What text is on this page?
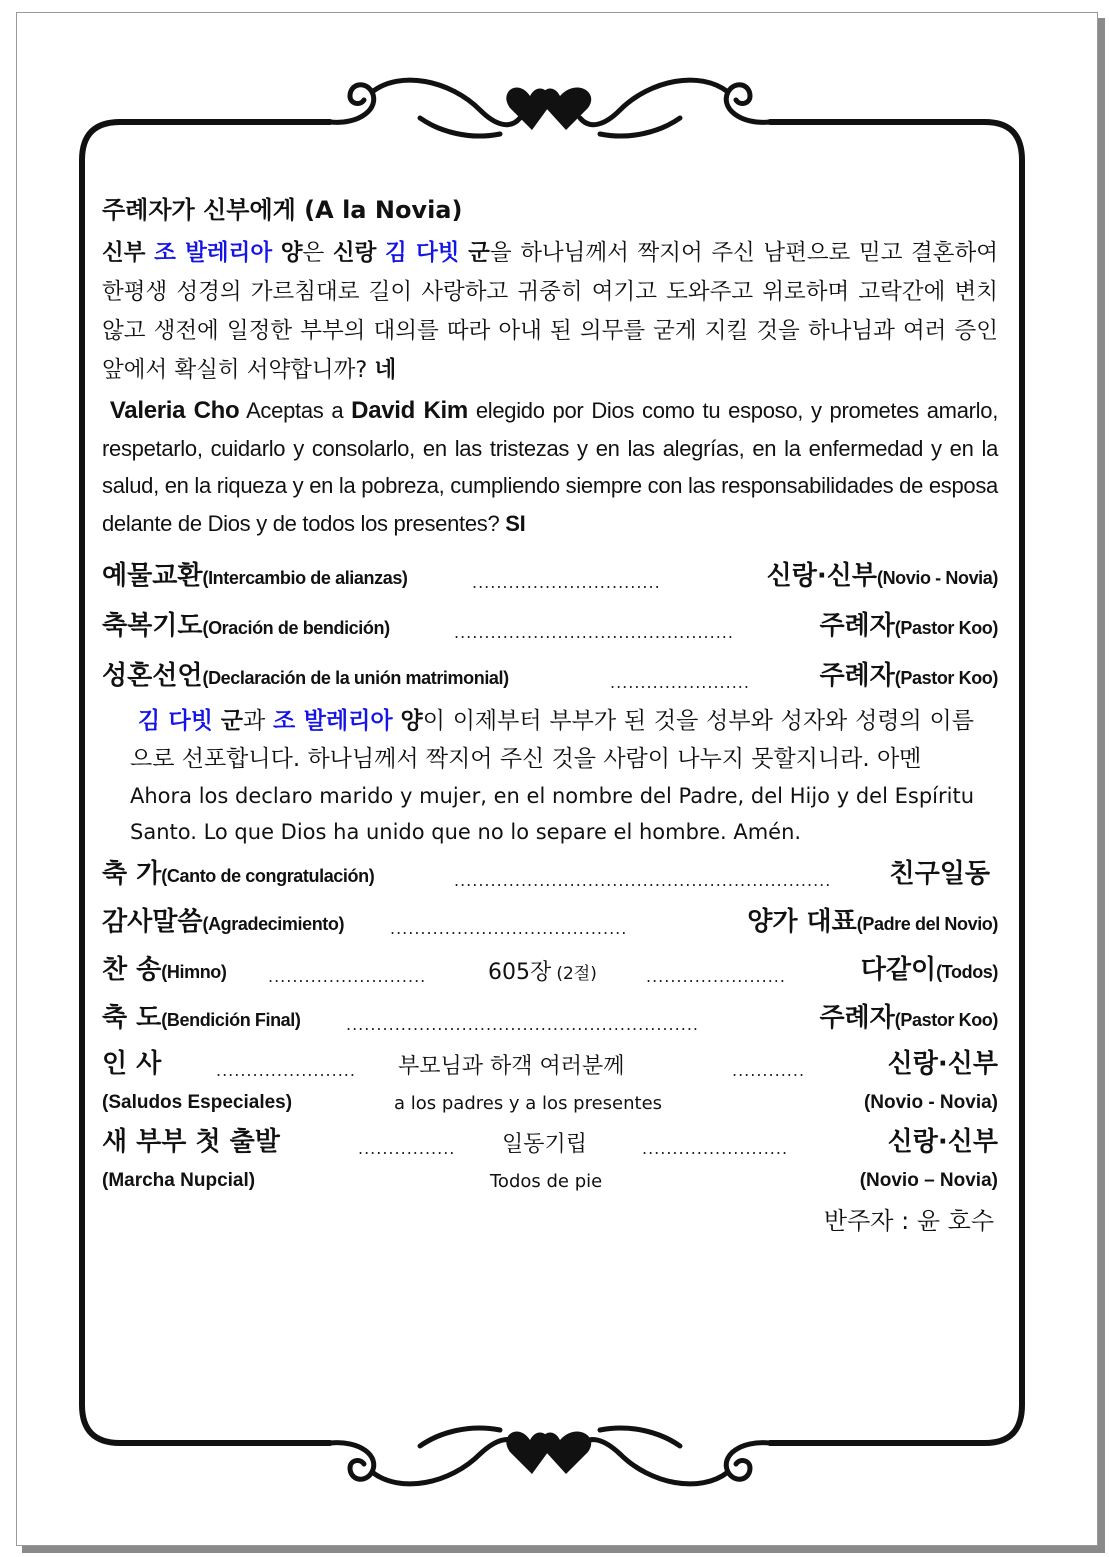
주례자가 신부에게 (A la Novia)

신부 조 발레리아 양은 신랑 김 다빗 군을 하나님께서 짝지어 주신 남편으로 믿고 결혼하여 한평생 성경의 가르침대로 길이 사랑하고 귀중히 여기고 도와주고 위로하며 고락간에 변치 않고 생전에 일정한 부부의 대의를 따라 아내 된 의무를 굳게 지킬 것을 하나님과 여러 증인 앞에서 확실히 서약합니까? 네

Valeria Cho Aceptas a David Kim elegido por Dios como tu esposo, y prometes amarlo, respetarlo, cuidarlo y consolarlo, en las tristezas y en las alegrías, en la enfermedad y en la salud, en la riqueza y en la pobreza, cumpliendo siempre con las responsabilidades de esposa delante de Dios y de todos los presentes? SI

예물교환(Intercambio de alianzas)	...............................	신랑·신부(Novio - Novia)
축복기도(Oración de bendición)	..............................................	주례자(Pastor Koo)
성혼선언(Declaración de la unión matrimonial)	.......................	주례자(Pastor Koo)

김 다빗 군과 조 발레리아 양이 이제부터 부부가 된 것을 성부와 성자와 성령의 이름으로 선포합니다. 하나님께서 짝지어 주신 것을 사람이 나누지 못할지니라. 아멘

Ahora los declaro marido y mujer, en el nombre del Padre, del Hijo y del Espíritu Santo. Lo que Dios ha unido que no lo separe el hombre. Amén.

축 가(Canto de congratulación)	.............................................................. 친구일동
감사말씀(Agradecimiento)	.......................................	양가 대표(Padre del Novio)
찬 송(Himno)	..........................	605장 (2절)	.......................	다같이(Todos)
축 도(Bendición Final)	..........................................................	주례자(Pastor Koo)
인 사	....................... 부모님과 하객 여러분께	............	신랑·신부
(Saludos Especiales)	a los padres y a los presentes	(Novio - Novia)
새 부부 첫 출발	................ 일동기립	........................	신랑·신부
(Marcha Nupcial)	Todos de pie	(Novio – Novia)
반주자 : 윤 호수
